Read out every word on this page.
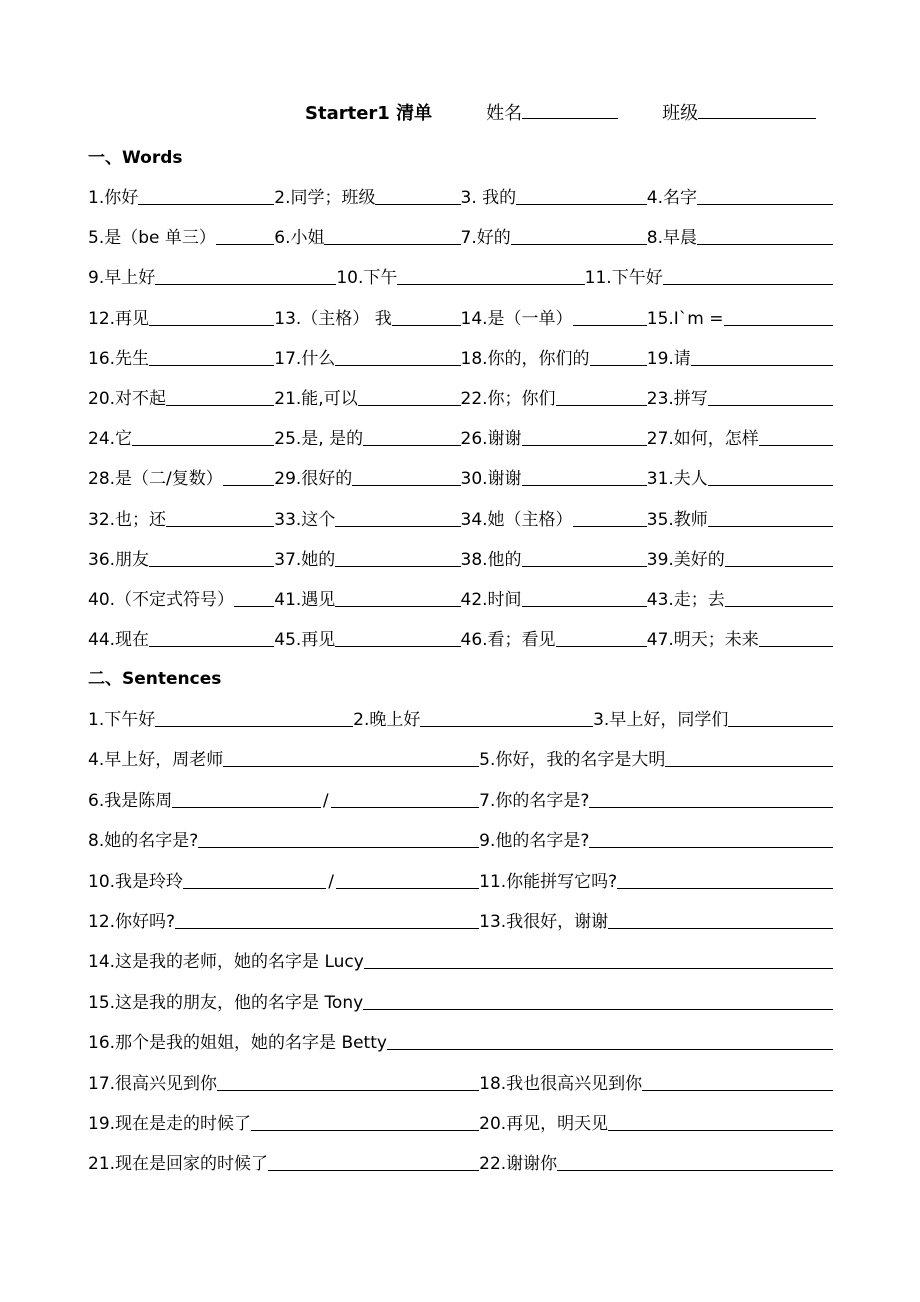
Starter1 清单	姓名	班级
一、Words
1.你好	2.同学；班级	3. 我的	4.名字
5.是（be 单三）	6.小姐	7.好的	8.早晨
9.早上好	10.下午	11.下午好
12.再见	13.（主格） 我	14.是（一单）	15.I`m =
16.先生	17.什么	18.你的，你们的	19.请
20.对不起	21.能,可以	22.你；你们	23.拼写
24.它	25.是, 是的	26.谢谢	27.如何，怎样
28.是（二/复数）	29.很好的	30.谢谢	31.夫人
32.也；还	33.这个	34.她（主格）	35.教师
36.朋友	37.她的	38.他的	39.美好的
40.（不定式符号） 41.遇见	42.时间	43.走；去
44.现在	45.再见	46.看；看见	47.明天；未来
二、Sentences
1.下午好	2.晚上好	3.早上好，同学们
4.早上好，周老师	5.你好，我的名字是大明
6.我是陈周	/	7.你的名字是?
8.她的名字是?	9.他的名字是?
10.我是玲玲	/	11.你能拼写它吗?
12.你好吗?	13.我很好，谢谢
14.这是我的老师，她的名字是 Lucy
15.这是我的朋友，他的名字是 Tony
16.那个是我的姐姐，她的名字是 Betty
17.很高兴见到你	18.我也很高兴见到你
19.现在是走的时候了	20.再见，明天见
21.现在是回家的时候了	22.谢谢你
